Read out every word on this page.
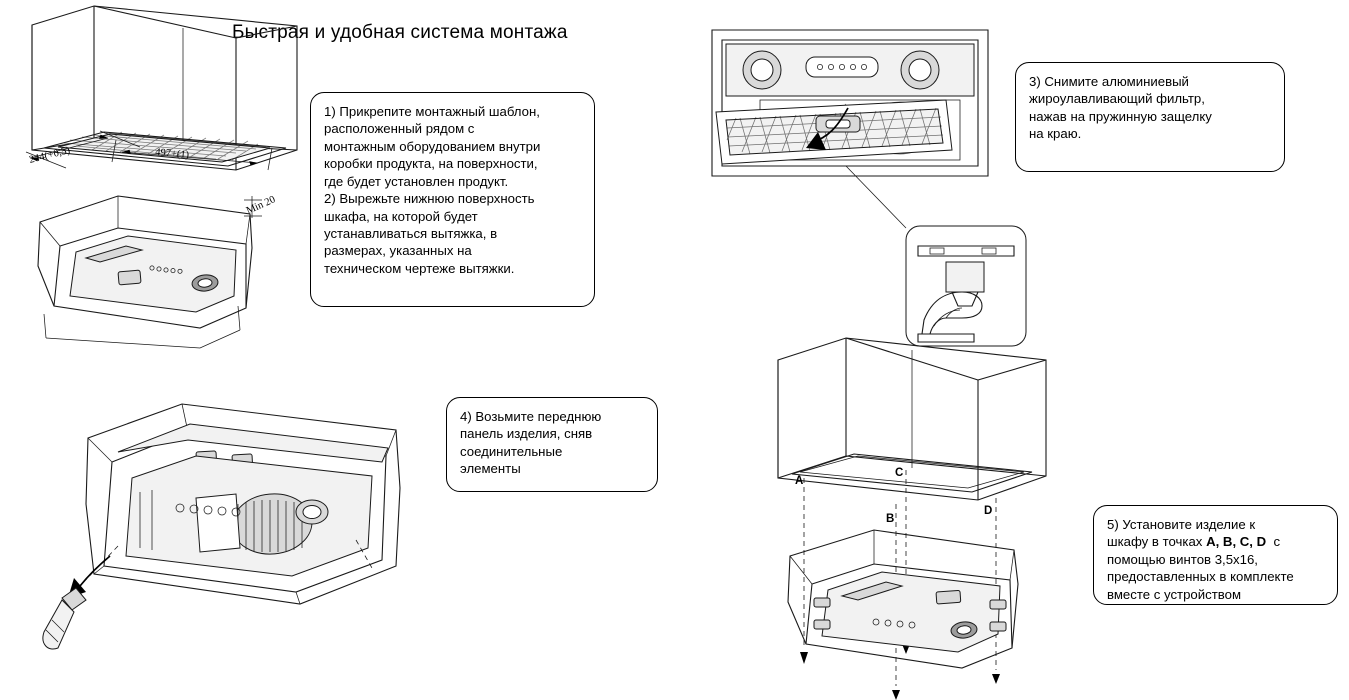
Быстрая и удобная система монтажа
244(+0,5)	497+(1)
Min 20
A
B
C
D

1) Прикрепите монтажный шаблон,

расположенный рядом с

монтажным оборудованием внутри

коробки продукта, на поверхности,

где будет установлен продукт.

2) Вырежьте нижнюю поверхность

шкафа, на которой будет

устанавливаться вытяжка, в

размерах, указанных на

техническом чертеже вытяжки.

3) Снимите алюминиевый

жироулавливающий фильтр,

нажав на пружинную защелку

на краю.

4) Возьмите переднюю

панель изделия, сняв

соединительные

элементы

5) Установите изделие к

шкафу в точках A, B, C, D  с

помощью винтов 3,5x16,

предоставленных в комплекте

вместе с устройством
